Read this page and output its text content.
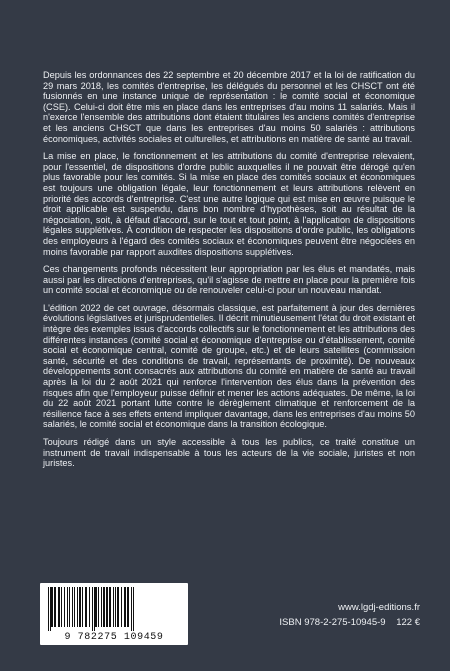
Depuis les ordonnances des 22 septembre et 20 décembre 2017 et la loi de ratification du 29 mars 2018, les comités d'entreprise, les délégués du personnel et les CHSCT ont été fusionnés en une instance unique de représentation : le comité social et économique (CSE). Celui-ci doit être mis en place dans les entreprises d'au moins 11 salariés. Mais il n'exerce l'ensemble des attributions dont étaient titulaires les anciens comités d'entreprise et les anciens CHSCT que dans les entreprises d'au moins 50 salariés : attributions économiques, activités sociales et culturelles, et attributions en matière de santé au travail.

La mise en place, le fonctionnement et les attributions du comité d'entreprise relevaient, pour l'essentiel, de dispositions d'ordre public auxquelles il ne pouvait être dérogé qu'en plus favorable pour les comités. Si la mise en place des comités sociaux et économiques est toujours une obligation légale, leur fonctionnement et leurs attributions relèvent en priorité des accords d'entreprise. C'est une autre logique qui est mise en œuvre puisque le droit applicable est suspendu, dans bon nombre d'hypothèses, soit au résultat de la négociation, soit, à défaut d'accord, sur le tout et tout point, à l'application de dispositions légales supplétives. À condition de respecter les dispositions d'ordre public, les obligations des employeurs à l'égard des comités sociaux et économiques peuvent être négociées en moins favorable par rapport auxdites dispositions supplétives.

Ces changements profonds nécessitent leur appropriation par les élus et mandatés, mais aussi par les directions d'entreprises, qu'il s'agisse de mettre en place pour la première fois un comité social et économique ou de renouveler celui-ci pour un nouveau mandat.

L'édition 2022 de cet ouvrage, désormais classique, est parfaitement à jour des dernières évolutions législatives et jurisprudentielles. Il décrit minutieusement l'état du droit existant et intègre des exemples issus d'accords collectifs sur le fonctionnement et les attributions des différentes instances (comité social et économique d'entreprise ou d'établissement, comité social et économique central, comité de groupe, etc.) et de leurs satellites (commission santé, sécurité et des conditions de travail, représentants de proximité). De nouveaux développements sont consacrés aux attributions du comité en matière de santé au travail après la loi du 2 août 2021 qui renforce l'intervention des élus dans la prévention des risques afin que l'employeur puisse définir et mener les actions adéquates. De même, la loi du 22 août 2021 portant lutte contre le dérèglement climatique et renforcement de la résilience face à ses effets entend impliquer davantage, dans les entreprises d'au moins 50 salariés, le comité social et économique dans la transition écologique.

Toujours rédigé dans un style accessible à tous les publics, ce traité constitue un instrument de travail indispensable à tous les acteurs de la vie sociale, juristes et non juristes.

9 782275 109459
www.lgdj-editions.fr
ISBN 978-2-275-10945-9 122 €
